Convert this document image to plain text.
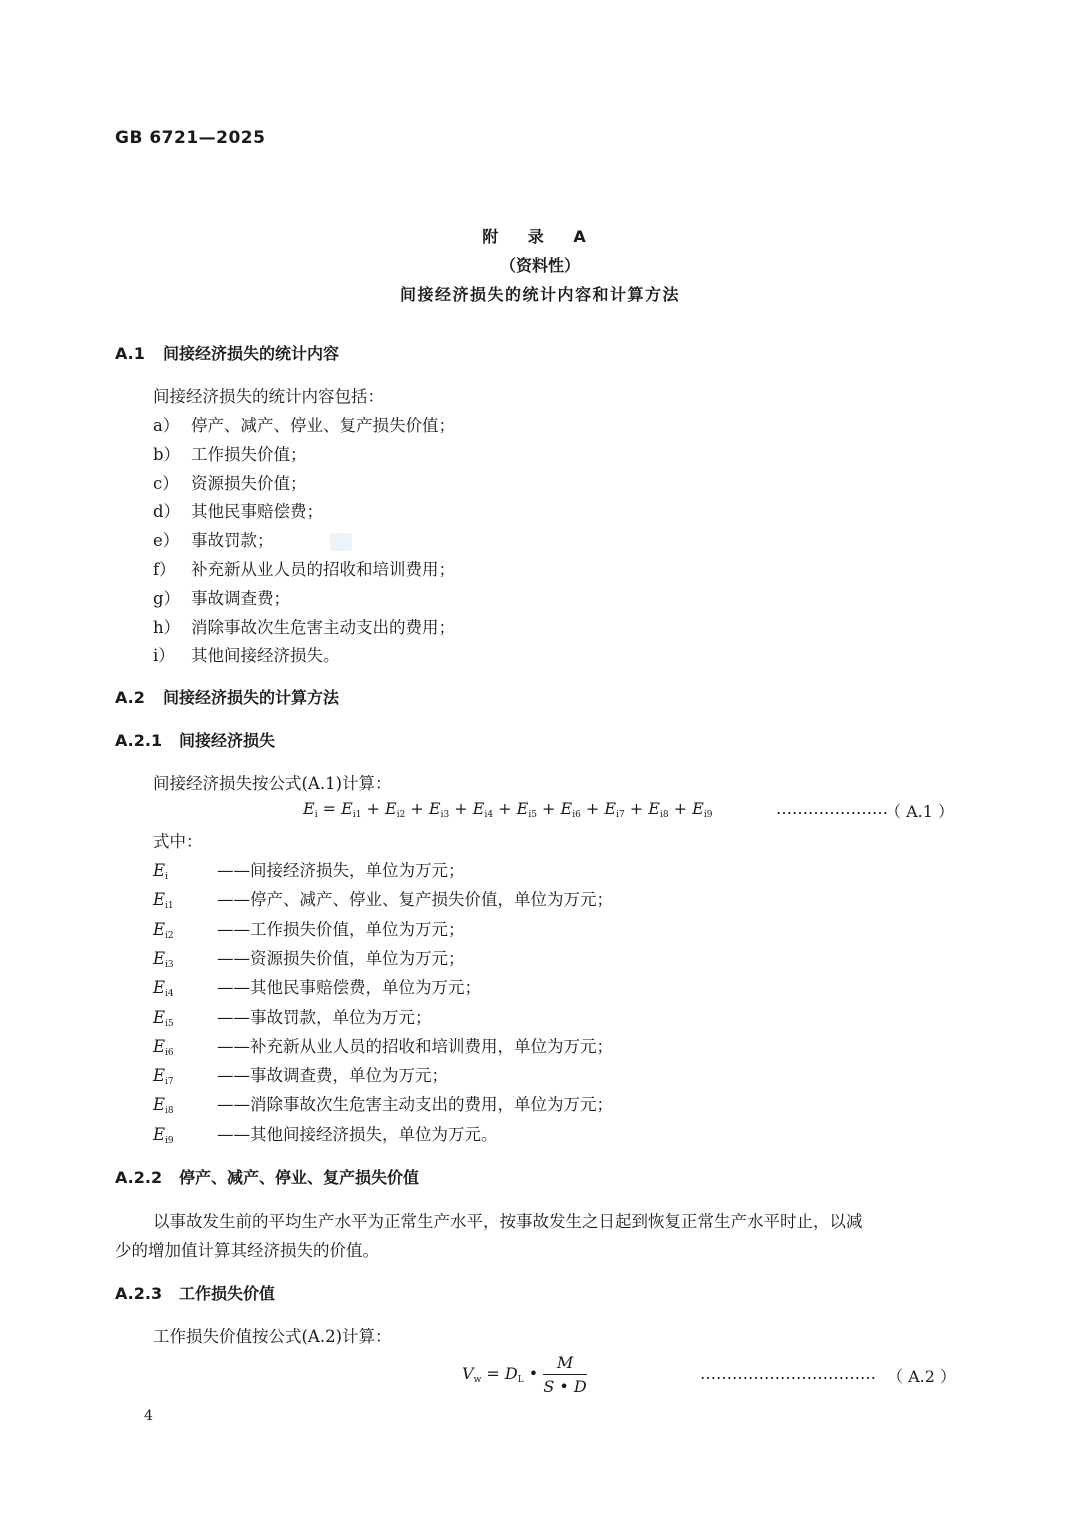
GB 6721—2025
附 录 A
（资料性）
间接经济损失的统计内容和计算方法
A.1 间接经济损失的统计内容
间接经济损失的统计内容包括：
a） 停产、减产、停业、复产损失价值；
b） 工作损失价值；
c） 资源损失价值；
d） 其他民事赔偿费；
e） 事故罚款；
f） 补充新从业人员的招收和培训费用；
g） 事故调查费；
h） 消除事故次生危害主动支出的费用；
i） 其他间接经济损失。
A.2 间接经济损失的计算方法
A.2.1 间接经济损失
间接经济损失按公式(A.1)计算：
$E_i = E_{i1} + E_{i2} + E_{i3} + E_{i4} + E_{i5} + E_{i6} + E_{i7} + E_{i8} + E_{i9}$	…………………
（ A.1 ）
式中：
$E_i$	——间接经济损失，单位为万元；
$E_{i1}$	——停产、减产、停业、复产损失价值，单位为万元；
$E_{i2}$	——工作损失价值，单位为万元；
$E_{i3}$	——资源损失价值，单位为万元；
$E_{i4}$	——其他民事赔偿费，单位为万元；
$E_{i5}$	——事故罚款，单位为万元；
$E_{i6}$	——补充新从业人员的招收和培训费用，单位为万元；
$E_{i7}$	——事故调查费，单位为万元；
$E_{i8}$	——消除事故次生危害主动支出的费用，单位为万元；
$E_{i9}$	——其他间接经济损失，单位为万元。
A.2.2 停产、减产、停业、复产损失价值
以事故发生前的平均生产水平为正常生产水平，按事故发生之日起到恢复正常生产水平时止，以减
少的增加值计算其经济损失的价值。
A.2.3 工作损失价值
工作损失价值按公式(A.2)计算：
$V_w = D_L$ • $\frac{M}{S • D}$	…………………………… （ A.2 ）
4
